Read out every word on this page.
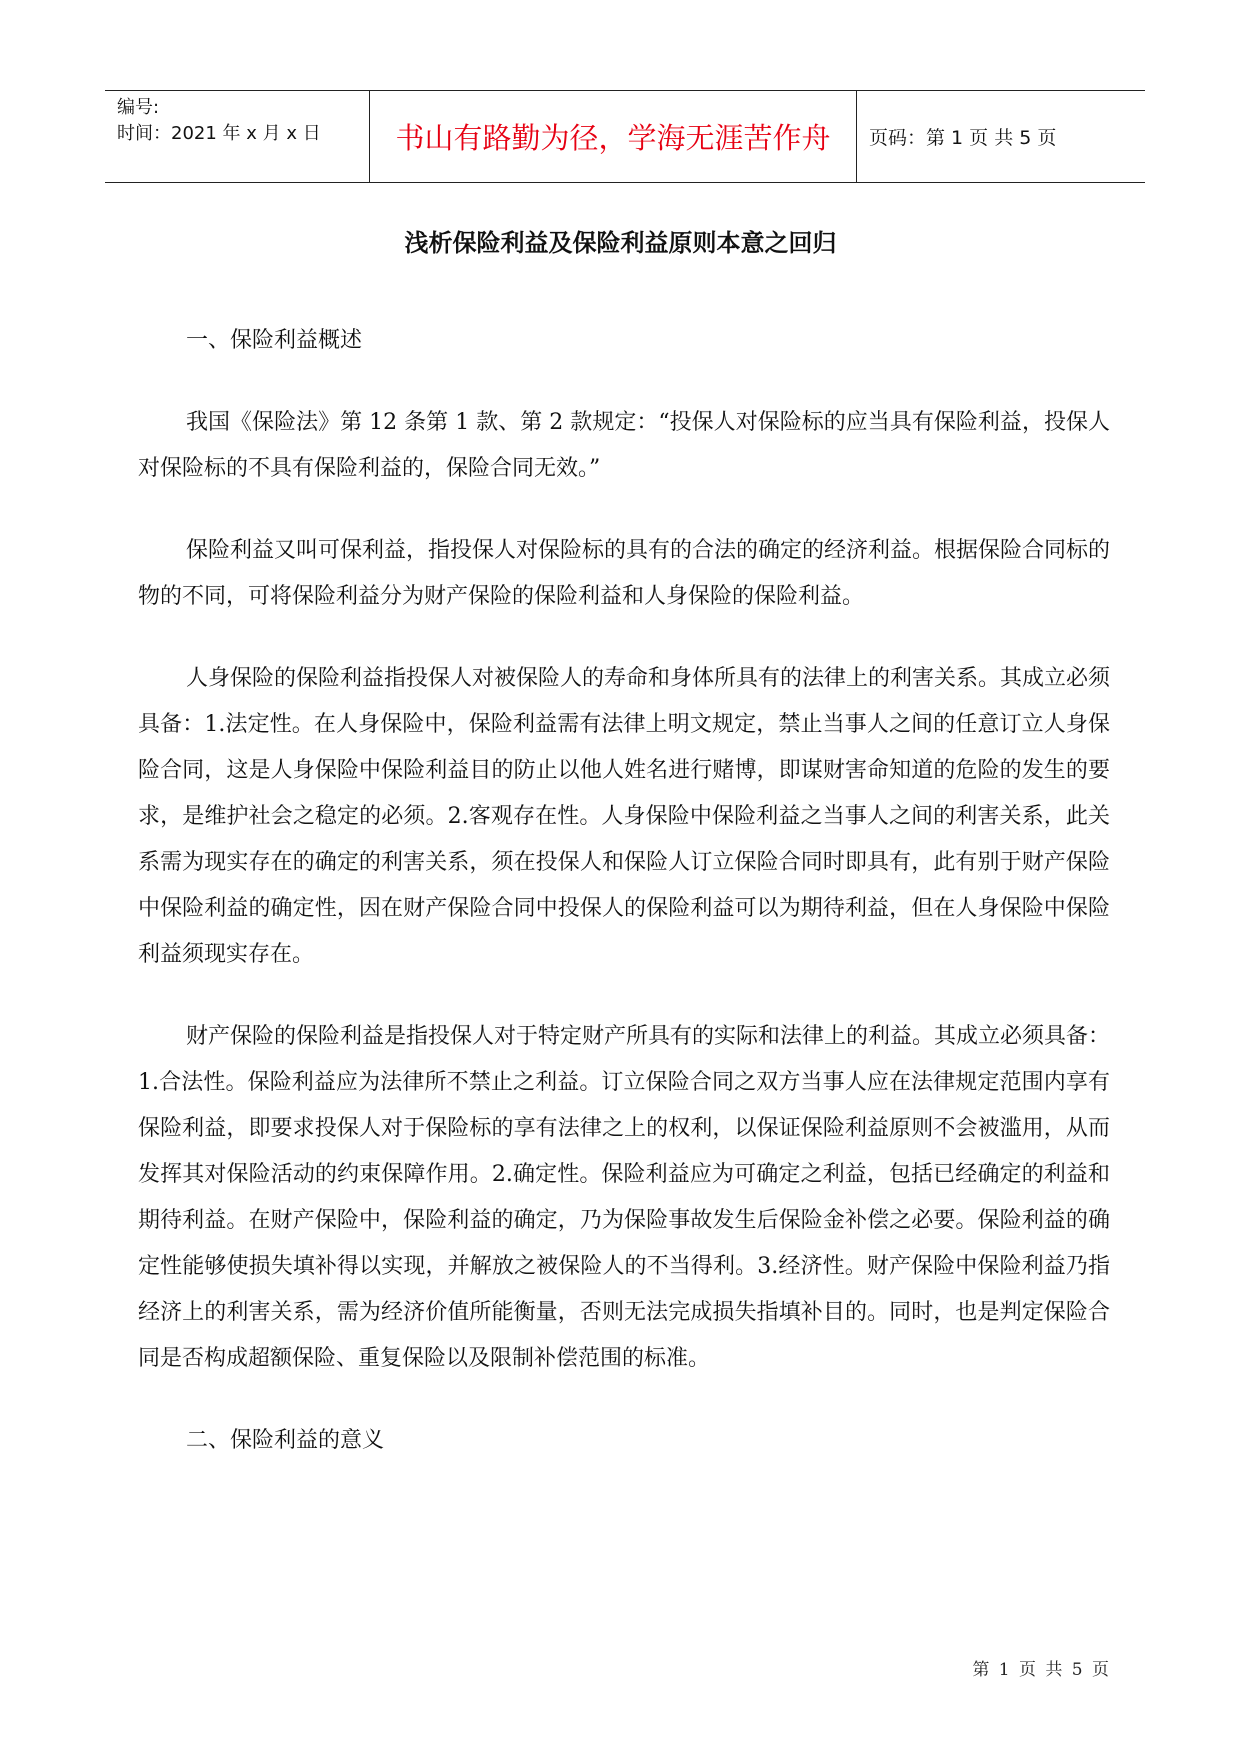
编号:
时间：2021 年 x 月 x 日	书山有路勤为径，学海无涯苦作舟	页码：第 1 页 共 5 页
浅析保险利益及保险利益原则本意之回归

一、保险利益概述

我国《保险法》第 12 条第 1 款、第 2 款规定：“投保人对保险标的应当具有保险利益，投保人对保险标的不具有保险利益的，保险合同无效。”

保险利益又叫可保利益，指投保人对保险标的具有的合法的确定的经济利益。根据保险合同标的物的不同，可将保险利益分为财产保险的保险利益和人身保险的保险利益。

人身保险的保险利益指投保人对被保险人的寿命和身体所具有的法律上的利害关系。其成立必须具备：1.法定性。在人身保险中，保险利益需有法律上明文规定，禁止当事人之间的任意订立人身保险合同，这是人身保险中保险利益目的防止以他人姓名进行赌博，即谋财害命知道的危险的发生的要求，是维护社会之稳定的必须。2.客观存在性。人身保险中保险利益之当事人之间的利害关系，此关系需为现实存在的确定的利害关系，须在投保人和保险人订立保险合同时即具有，此有别于财产保险中保险利益的确定性，因在财产保险合同中投保人的保险利益可以为期待利益，但在人身保险中保险利益须现实存在。

财产保险的保险利益是指投保人对于特定财产所具有的实际和法律上的利益。其成立必须具备：1.合法性。保险利益应为法律所不禁止之利益。订立保险合同之双方当事人应在法律规定范围内享有保险利益，即要求投保人对于保险标的享有法律之上的权利，以保证保险利益原则不会被滥用，从而发挥其对保险活动的约束保障作用。2.确定性。保险利益应为可确定之利益，包括已经确定的利益和期待利益。在财产保险中，保险利益的确定，乃为保险事故发生后保险金补偿之必要。保险利益的确定性能够使损失填补得以实现，并解放之被保险人的不当得利。3.经济性。财产保险中保险利益乃指经济上的利害关系，需为经济价值所能衡量，否则无法完成损失指填补目的。同时，也是判定保险合同是否构成超额保险、重复保险以及限制补偿范围的标准。

二、保险利益的意义

第 1 页 共 5 页
